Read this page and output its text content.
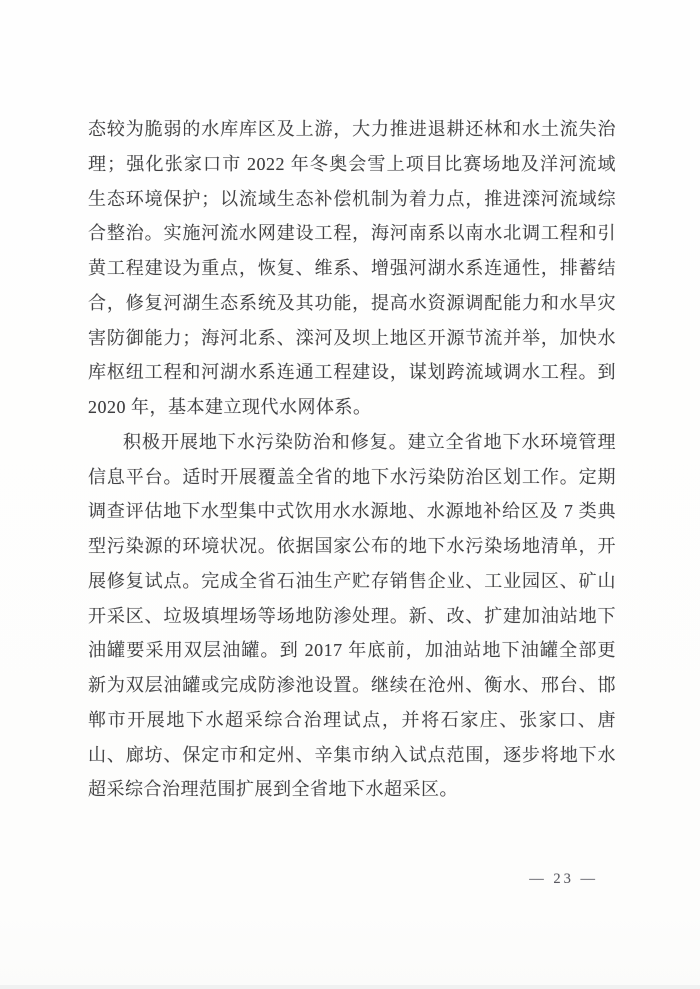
态较为脆弱的水库库区及上游，大力推进退耕还林和水土流失治
理；强化张家口市 2022 年冬奥会雪上项目比赛场地及洋河流域
生态环境保护；以流域生态补偿机制为着力点，推进滦河流域综
合整治。实施河流水网建设工程，海河南系以南水北调工程和引
黄工程建设为重点，恢复、维系、增强河湖水系连通性，排蓄结
合，修复河湖生态系统及其功能，提高水资源调配能力和水旱灾
害防御能力；海河北系、滦河及坝上地区开源节流并举，加快水
库枢纽工程和河湖水系连通工程建设，谋划跨流域调水工程。到
2020 年，基本建立现代水网体系。
积极开展地下水污染防治和修复。建立全省地下水环境管理
信息平台。适时开展覆盖全省的地下水污染防治区划工作。定期
调查评估地下水型集中式饮用水水源地、水源地补给区及 7 类典
型污染源的环境状况。依据国家公布的地下水污染场地清单，开
展修复试点。完成全省石油生产贮存销售企业、工业园区、矿山
开采区、垃圾填埋场等场地防渗处理。新、改、扩建加油站地下
油罐要采用双层油罐。到 2017 年底前，加油站地下油罐全部更
新为双层油罐或完成防渗池设置。继续在沧州、衡水、邢台、邯
郸市开展地下水超采综合治理试点，并将石家庄、张家口、唐
山、廊坊、保定市和定州、辛集市纳入试点范围，逐步将地下水
超采综合治理范围扩展到全省地下水超采区。
— 23 —
